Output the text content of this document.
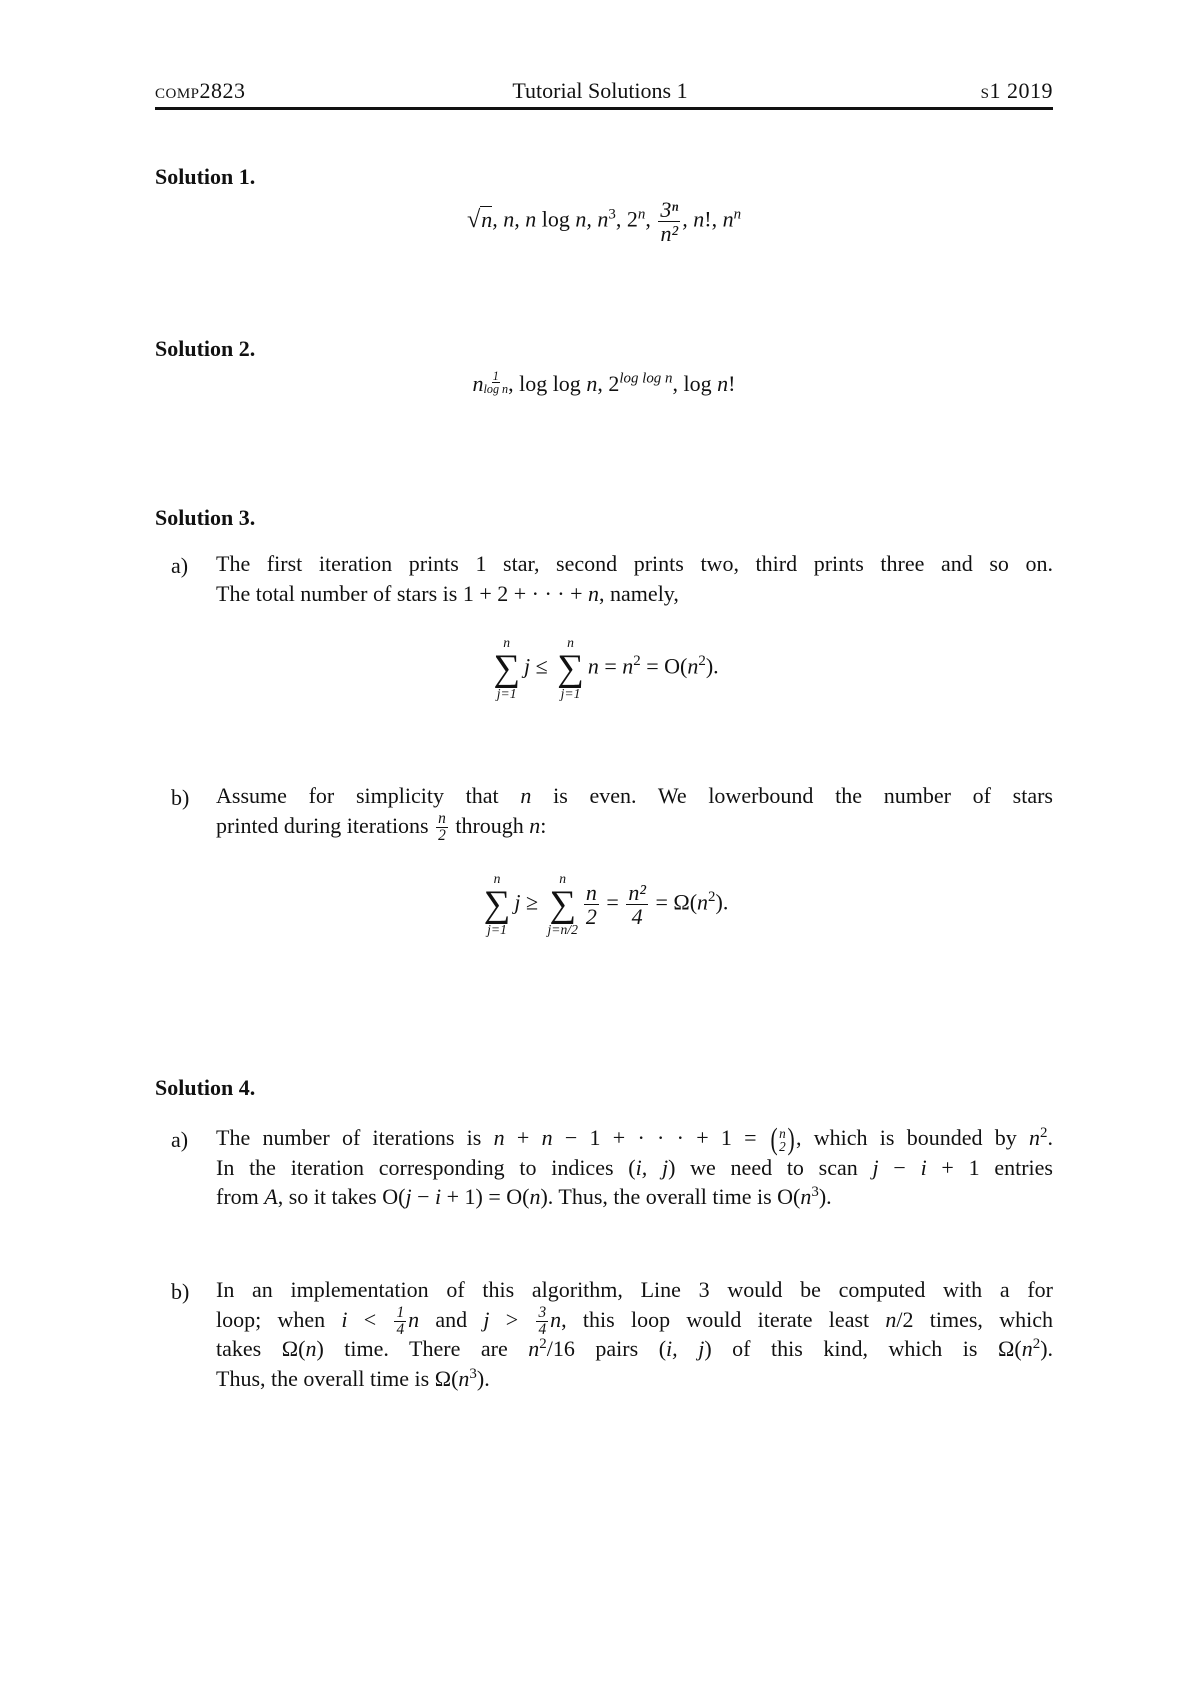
comp2823	Tutorial Solutions 1	s1 2019
Solution 1.
√n, n, n log n, $n^3$, 2$^n$, $\frac{\text{3ⁿ}}{\text{n²}}$ , n!, $n^n$
Solution 2.
n $\frac{1}{\text{log n}}$ , log log n, $2^{log log n}$, log n!
Solution 3.
a) The first iteration prints 1 star, second prints two, third prints three and so on.
The total number of stars is 1 + 2 + · · · + n, namely,
n
∑
j=1
j ≤
n
∑
j=1
$n = n^2 = O(n^2)$.
b) Assume for simplicity that n is even. We lowerbound the number of stars
printed during iterations $\frac{n}{2}$ through n:
n
∑
j=1
j ≥
n
∑
j=n/2
$\frac{n}{2} = \frac{\text{n²}}{4} = \Omega(n^2)$.
Solution 4.
a) The number of iterations is n + n − 1 + · · · + 1 = ( n
2 ) , which is bounded by $n^2$.
In the iteration corresponding to indices (i, j) we need to scan j − i + 1 entries
from A, so it takes O(j − i + 1) = O(n). Thus, the overall time is $O(n^3)$.
b) In an implementation of this algorithm, Line 3 would be computed with a for
loop; when $i < \frac{1}{4}$ n and $j > \frac{3}{4} n$, this loop would iterate least n/2 times, which
takes Ω(n) time. There are $n^2/16$ pairs (i, j) of this kind, which is $\Omega(n^2)$.
Thus, the overall time is $\Omega(n^3)$.
